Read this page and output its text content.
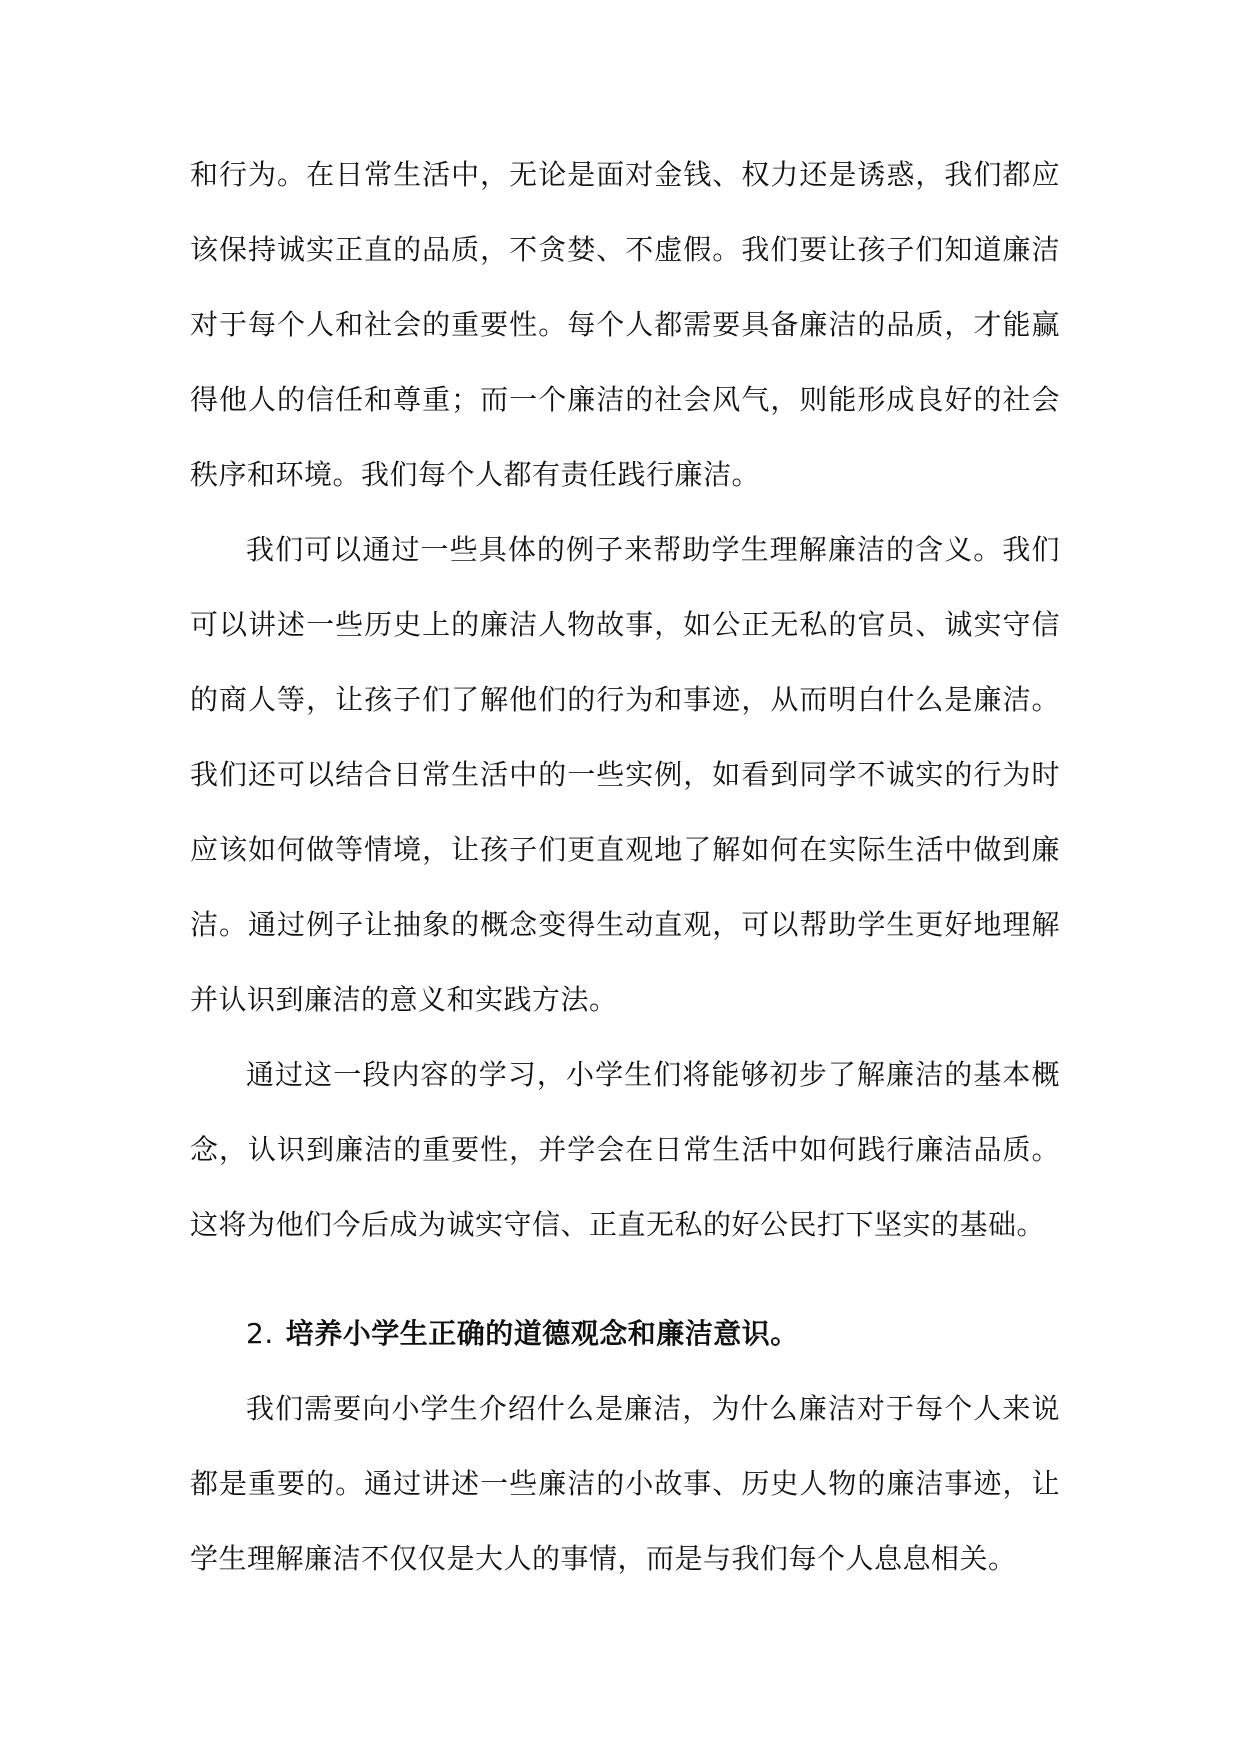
和行为。在日常生活中，无论是面对金钱、权力还是诱惑，我们都应该保持诚实正直的品质，不贪婪、不虚假。我们要让孩子们知道廉洁对于每个人和社会的重要性。每个人都需要具备廉洁的品质，才能赢得他人的信任和尊重；而一个廉洁的社会风气，则能形成良好的社会秩序和环境。我们每个人都有责任践行廉洁。

我们可以通过一些具体的例子来帮助学生理解廉洁的含义。我们可以讲述一些历史上的廉洁人物故事，如公正无私的官员、诚实守信的商人等，让孩子们了解他们的行为和事迹，从而明白什么是廉洁。我们还可以结合日常生活中的一些实例，如看到同学不诚实的行为时应该如何做等情境，让孩子们更直观地了解如何在实际生活中做到廉洁。通过例子让抽象的概念变得生动直观，可以帮助学生更好地理解并认识到廉洁的意义和实践方法。

通过这一段内容的学习，小学生们将能够初步了解廉洁的基本概念，认识到廉洁的重要性，并学会在日常生活中如何践行廉洁品质。这将为他们今后成为诚实守信、正直无私的好公民打下坚实的基础。

2. 培养小学生正确的道德观念和廉洁意识。

我们需要向小学生介绍什么是廉洁，为什么廉洁对于每个人来说都是重要的。通过讲述一些廉洁的小故事、历史人物的廉洁事迹，让学生理解廉洁不仅仅是大人的事情，而是与我们每个人息息相关。
